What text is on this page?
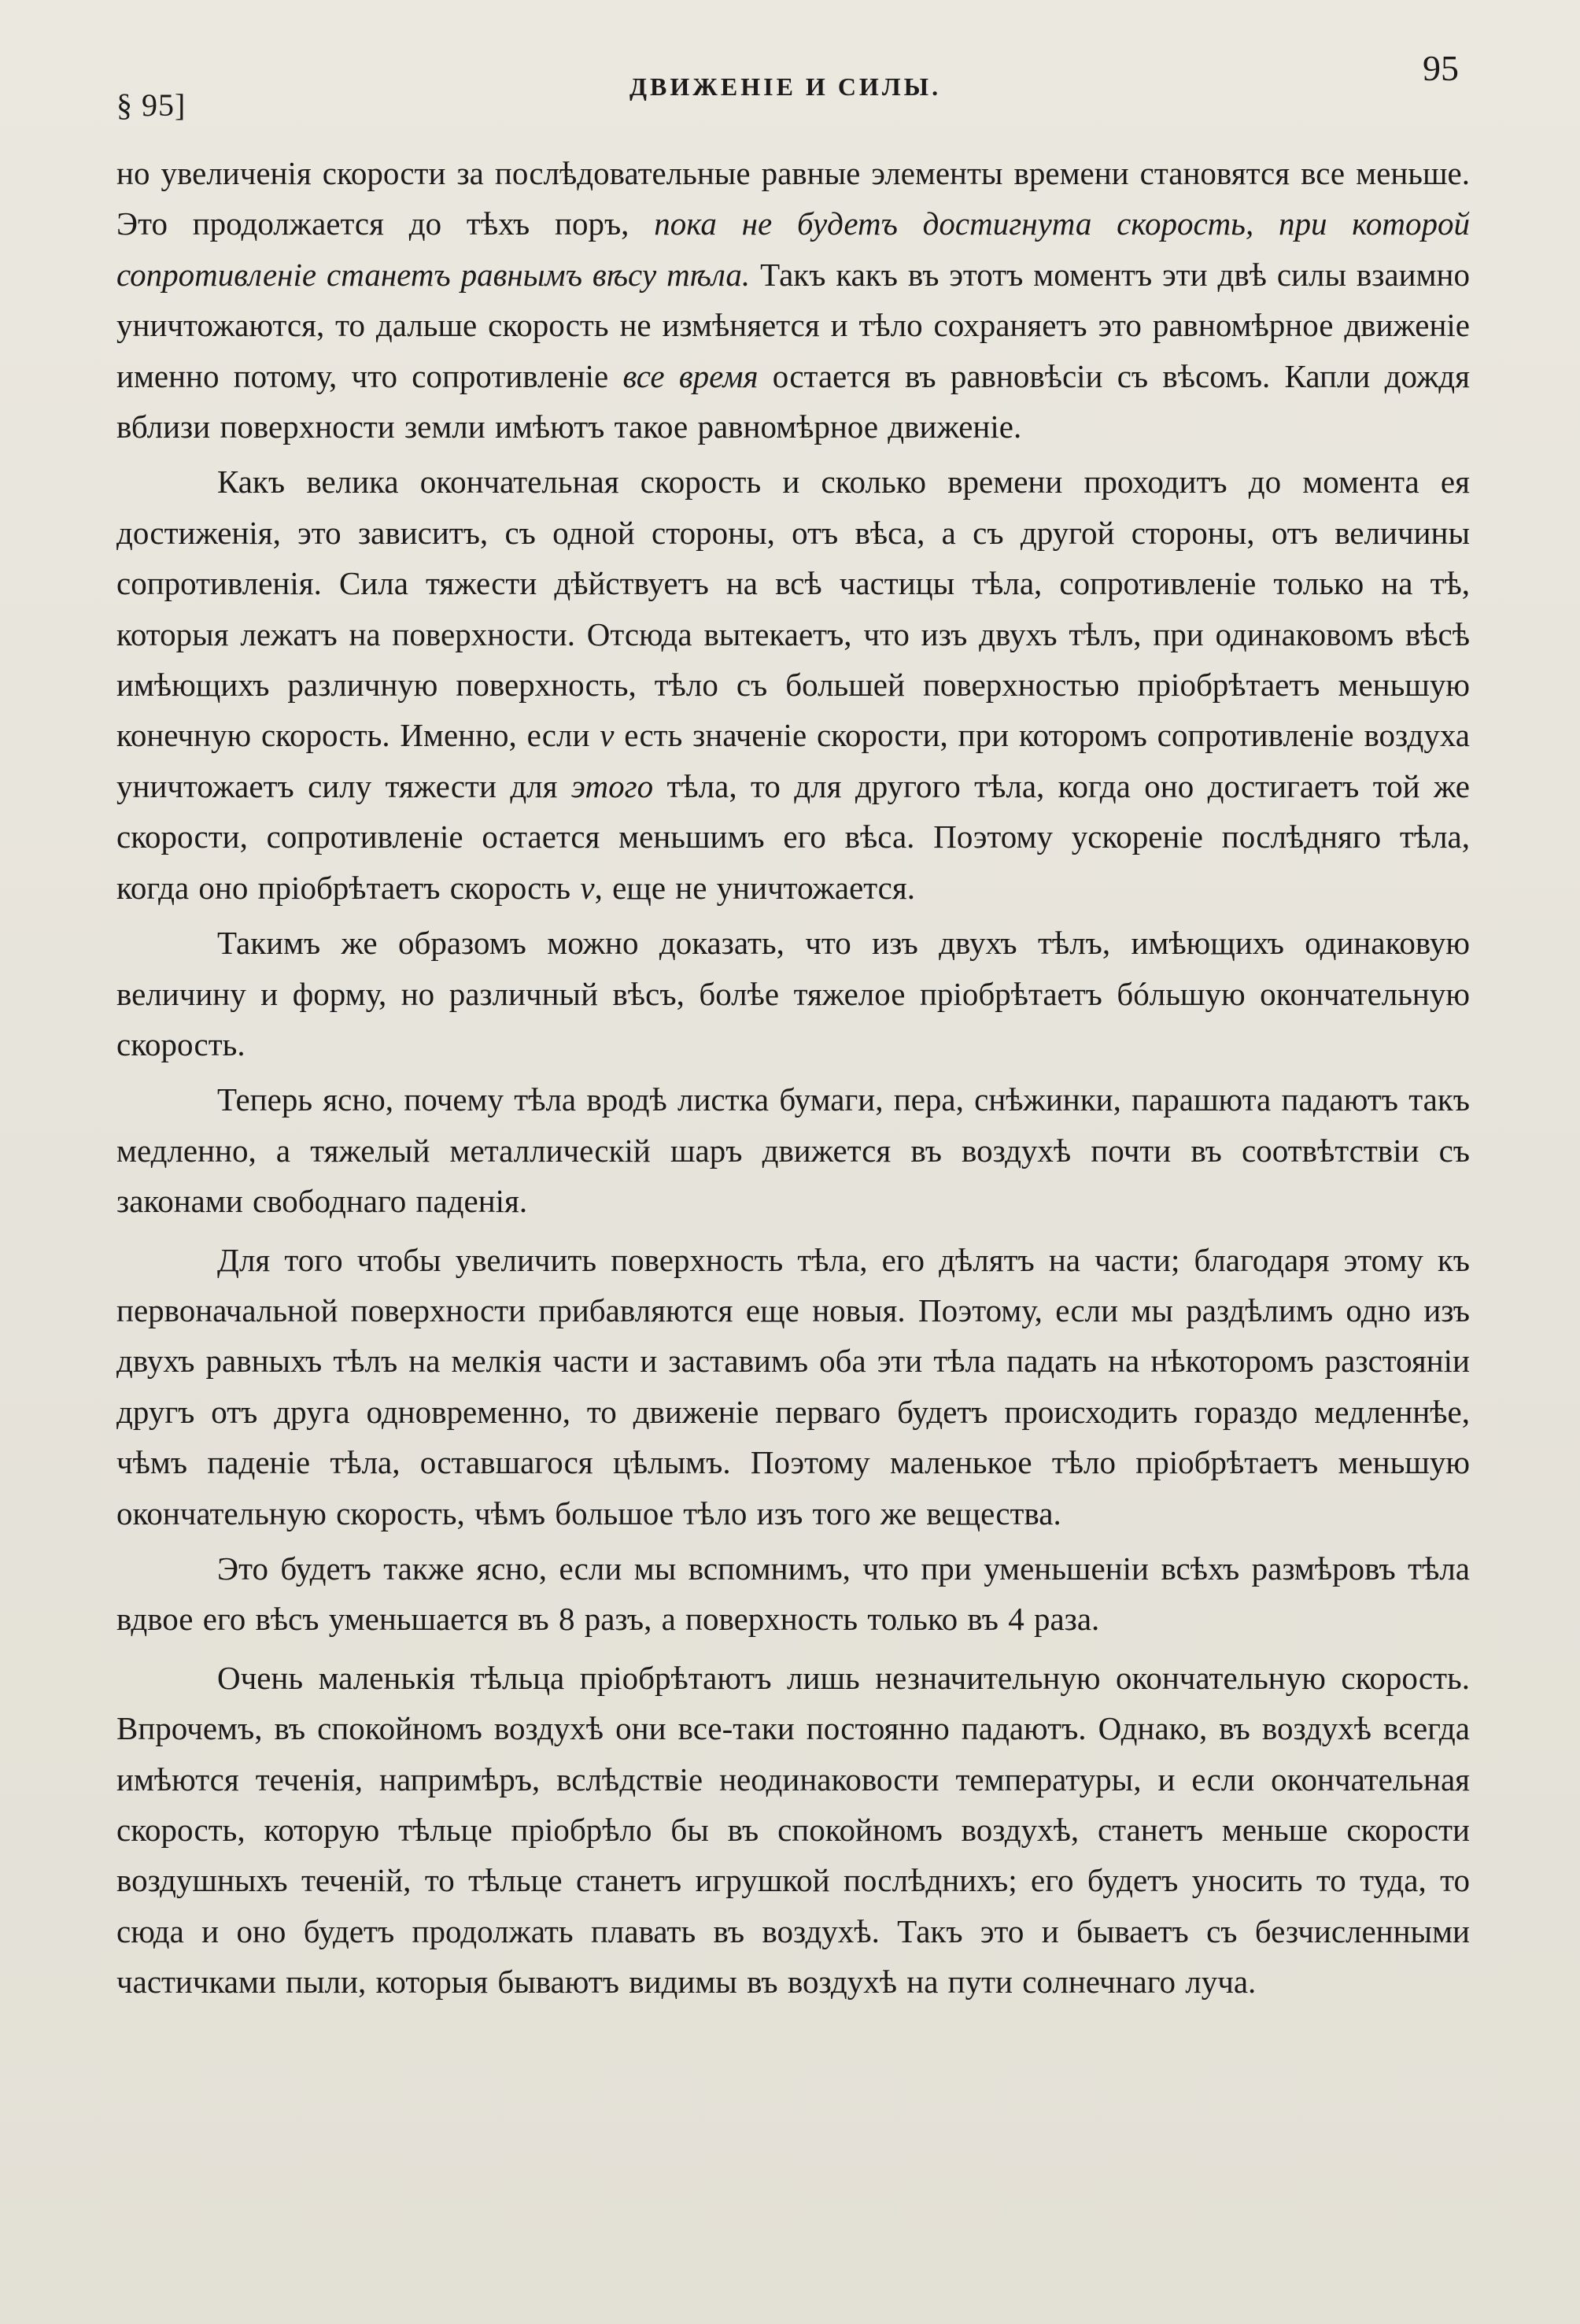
§ 95]
ДВИЖЕНІЕ И СИЛЫ.	95

но увеличенія скорости за послѣдовательные равные элементы времени становятся все меньше. Это продолжается до тѣхъ поръ, пока не будетъ достигнута скорость, при которой сопротивленіе станетъ равнымъ вѣсу тѣла. Такъ какъ въ этотъ моментъ эти двѣ силы взаимно уничтожаются, то дальше скорость не измѣняется и тѣло сохраняетъ это равномѣрное движеніе именно потому, что сопротивленіе все время остается въ равновѣсіи съ вѣсомъ. Капли дождя вблизи поверхности земли имѣютъ такое равномѣрное движеніе.

Какъ велика окончательная скорость и сколько времени проходитъ до момента ея достиженія, это зависитъ, съ одной стороны, отъ вѣса, а съ другой стороны, отъ величины сопротивленія. Сила тяжести дѣйствуетъ на всѣ частицы тѣла, сопротивленіе только на тѣ, которыя лежатъ на поверхности. Отсюда вытекаетъ, что изъ двухъ тѣлъ, при одинаковомъ вѣсѣ имѣющихъ различную поверхность, тѣло съ большей поверхностью пріобрѣтаетъ меньшую конечную скорость. Именно, если v есть значеніе скорости, при которомъ сопротивленіе воздуха уничтожаетъ силу тяжести для этого тѣла, то для другого тѣла, когда оно достигаетъ той же скорости, сопротивленіе остается меньшимъ его вѣса. Поэтому ускореніе послѣдняго тѣла, когда оно пріобрѣтаетъ скорость v, еще не уничтожается.

Такимъ же образомъ можно доказать, что изъ двухъ тѣлъ, имѣющихъ одинаковую величину и форму, но различный вѣсъ, болѣе тяжелое пріобрѣтаетъ бóльшую окончательную скорость.

Теперь ясно, почему тѣла вродѣ листка бумаги, пера, снѣжинки, парашюта падаютъ такъ медленно, а тяжелый металлическій шаръ движется въ воздухѣ почти въ соотвѣтствіи съ законами свободнаго паденія.

Для того чтобы увеличить поверхность тѣла, его дѣлятъ на части; благодаря этому къ первоначальной поверхности прибавляются еще новыя. Поэтому, если мы раздѣлимъ одно изъ двухъ равныхъ тѣлъ на мелкія части и заставимъ оба эти тѣла падать на нѣкоторомъ разстояніи другъ отъ друга одновременно, то движеніе перваго будетъ происходить гораздо медленнѣе, чѣмъ паденіе тѣла, оставшагося цѣлымъ. Поэтому маленькое тѣло пріобрѣтаетъ меньшую окончательную скорость, чѣмъ большое тѣло изъ того же вещества.

Это будетъ также ясно, если мы вспомнимъ, что при уменьшеніи всѣхъ размѣровъ тѣла вдвое его вѣсъ уменьшается въ 8 разъ, а поверхность только въ 4 раза.

Очень маленькія тѣльца пріобрѣтаютъ лишь незначительную окончательную скорость. Впрочемъ, въ спокойномъ воздухѣ они все-таки постоянно падаютъ. Однако, въ воздухѣ всегда имѣются теченія, напримѣръ, вслѣдствіе неодинаковости температуры, и если окончательная скорость, которую тѣльце пріобрѣло бы въ спокойномъ воздухѣ, станетъ меньше скорости воздушныхъ теченій, то тѣльце станетъ игрушкой послѣднихъ; его будетъ уносить то туда, то сюда и оно будетъ продолжать плавать въ воздухѣ. Такъ это и бываетъ съ безчисленными частичками пыли, которыя бываютъ видимы въ воздухѣ на пути солнечнаго луча.
